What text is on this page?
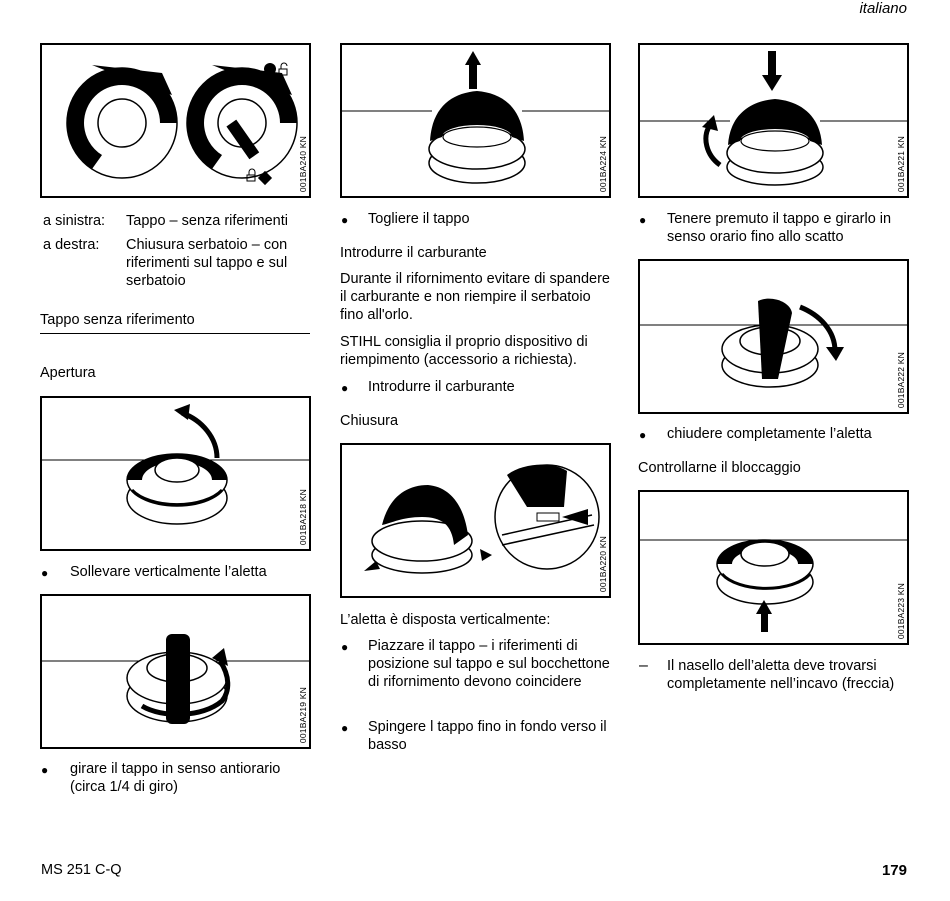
italiano
001BA240 KN
a sinistra:	Tappo – senza riferimenti
a destra:	Chiusura serbatoio – con riferimenti sul tappo e sul serbatoio
Tappo senza riferimento
Apertura
001BA218 KN
● Sollevare verticalmente l’aletta
001BA219 KN
● girare il tappo in senso antiorario (circa 1/4 di giro)
001BA224 KN
● Togliere il tappo
Introdurre il carburante
Durante il rifornimento evitare di spandere il carburante e non riempire il serbatoio fino all'orlo.
STIHL consiglia il proprio dispositivo di riempimento (accessorio a richiesta).
● Introdurre il carburante
Chiusura
001BA220 KN
L’aletta è disposta verticalmente:
● Piazzare il tappo – i riferimenti di posizione sul tappo e sul bocchettone di rifornimento devono coincidere
● Spingere l tappo fino in fondo verso il basso
001BA221 KN
● Tenere premuto il tappo e girarlo in senso orario fino allo scatto
001BA222 KN
● chiudere completamente l’aletta
Controllarne il bloccaggio
001BA223 KN
– Il nasello dell’aletta deve trovarsi completamente nell’incavo (freccia)
MS 251 C-Q	179
